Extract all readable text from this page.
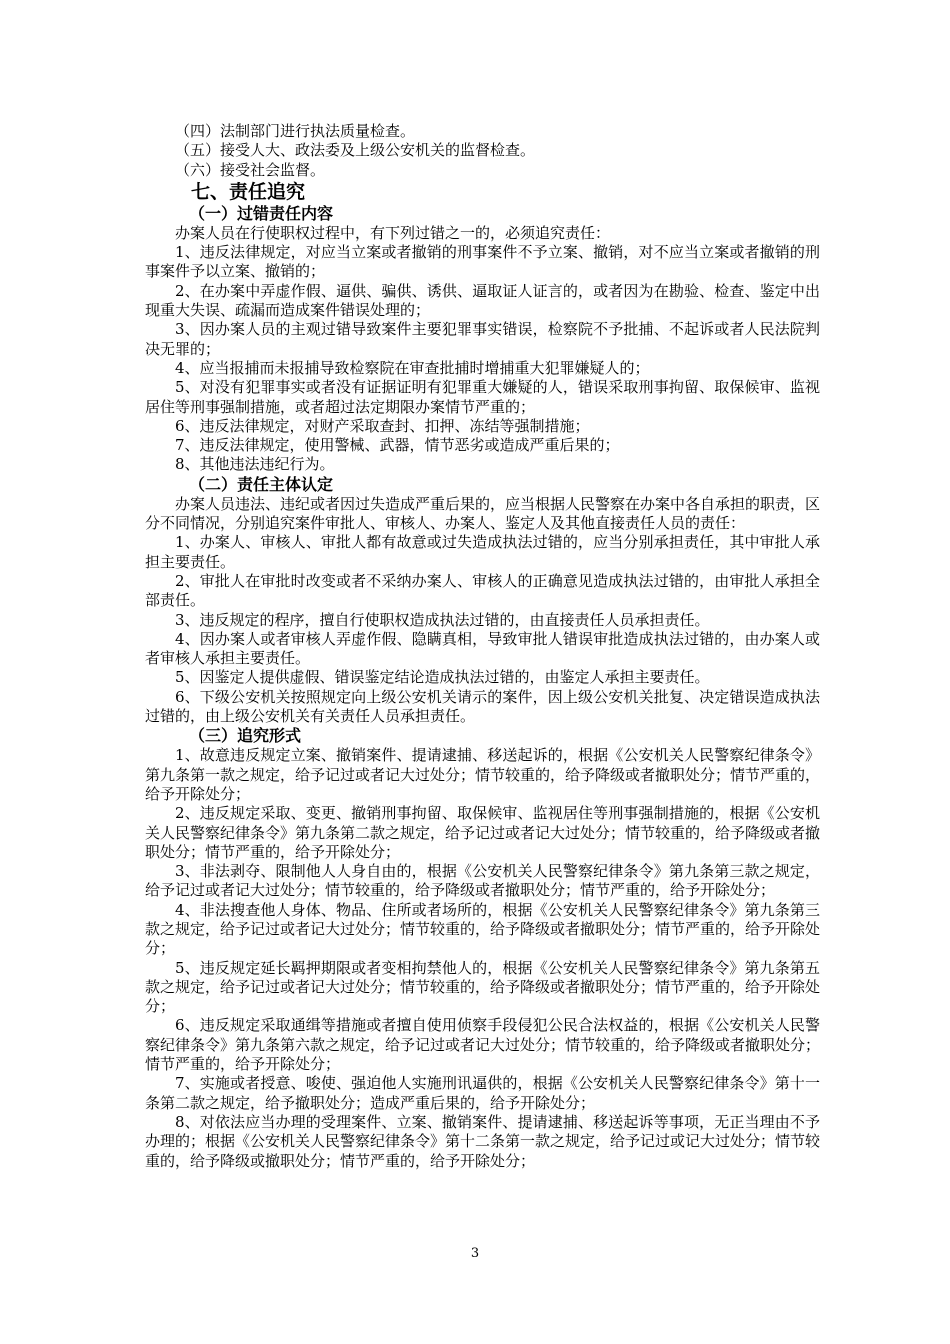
（四）法制部门进行执法质量检查。

（五）接受人大、政法委及上级公安机关的监督检查。

（六）接受社会监督。

七、责任追究
（一）过错责任内容

办案人员在行使职权过程中，有下列过错之一的，必须追究责任：

1、违反法律规定，对应当立案或者撤销的刑事案件不予立案、撤销，对不应当立案或者撤销的刑事案件予以立案、撤销的；

2、在办案中弄虚作假、逼供、骗供、诱供、逼取证人证言的，或者因为在勘验、检查、鉴定中出现重大失误、疏漏而造成案件错误处理的；

3、因办案人员的主观过错导致案件主要犯罪事实错误，检察院不予批捕、不起诉或者人民法院判决无罪的；

4、应当报捕而未报捕导致检察院在审查批捕时增捕重大犯罪嫌疑人的；

5、对没有犯罪事实或者没有证据证明有犯罪重大嫌疑的人，错误采取刑事拘留、取保候审、监视居住等刑事强制措施，或者超过法定期限办案情节严重的；

6、违反法律规定，对财产采取查封、扣押、冻结等强制措施；

7、违反法律规定，使用警械、武器，情节恶劣或造成严重后果的；

8、其他违法违纪行为。

（二）责任主体认定

办案人员违法、违纪或者因过失造成严重后果的，应当根据人民警察在办案中各自承担的职责，区分不同情况，分别追究案件审批人、审核人、办案人、鉴定人及其他直接责任人员的责任：

1、办案人、审核人、审批人都有故意或过失造成执法过错的，应当分别承担责任，其中审批人承担主要责任。

2、审批人在审批时改变或者不采纳办案人、审核人的正确意见造成执法过错的，由审批人承担全部责任。

3、违反规定的程序，擅自行使职权造成执法过错的，由直接责任人员承担责任。

4、因办案人或者审核人弄虚作假、隐瞒真相，导致审批人错误审批造成执法过错的，由办案人或者审核人承担主要责任。

5、因鉴定人提供虚假、错误鉴定结论造成执法过错的，由鉴定人承担主要责任。

6、下级公安机关按照规定向上级公安机关请示的案件，因上级公安机关批复、决定错误造成执法过错的，由上级公安机关有关责任人员承担责任。

（三）追究形式

1、故意违反规定立案、撤销案件、提请逮捕、移送起诉的，根据《公安机关人民警察纪律条令》第九条第一款之规定，给予记过或者记大过处分；情节较重的，给予降级或者撤职处分；情节严重的，给予开除处分；

2、违反规定采取、变更、撤销刑事拘留、取保候审、监视居住等刑事强制措施的，根据《公安机关人民警察纪律条令》第九条第二款之规定，给予记过或者记大过处分；情节较重的，给予降级或者撤职处分；情节严重的，给予开除处分；

3、非法剥夺、限制他人人身自由的，根据《公安机关人民警察纪律条令》第九条第三款之规定，给予记过或者记大过处分；情节较重的，给予降级或者撤职处分；情节严重的，给予开除处分；

4、非法搜查他人身体、物品、住所或者场所的，根据《公安机关人民警察纪律条令》第九条第三款之规定，给予记过或者记大过处分；情节较重的，给予降级或者撤职处分；情节严重的，给予开除处分；

5、违反规定延长羁押期限或者变相拘禁他人的，根据《公安机关人民警察纪律条令》第九条第五款之规定，给予记过或者记大过处分；情节较重的，给予降级或者撤职处分；情节严重的，给予开除处分；

6、违反规定采取通缉等措施或者擅自使用侦察手段侵犯公民合法权益的，根据《公安机关人民警察纪律条令》第九条第六款之规定，给予记过或者记大过处分；情节较重的，给予降级或者撤职处分；情节严重的，给予开除处分；

7、实施或者授意、唆使、强迫他人实施刑讯逼供的，根据《公安机关人民警察纪律条令》第十一条第二款之规定，给予撤职处分；造成严重后果的，给予开除处分；

8、对依法应当办理的受理案件、立案、撤销案件、提请逮捕、移送起诉等事项，无正当理由不予办理的；根据《公安机关人民警察纪律条令》第十二条第一款之规定，给予记过或记大过处分；情节较重的，给予降级或撤职处分；情节严重的，给予开除处分；

3
